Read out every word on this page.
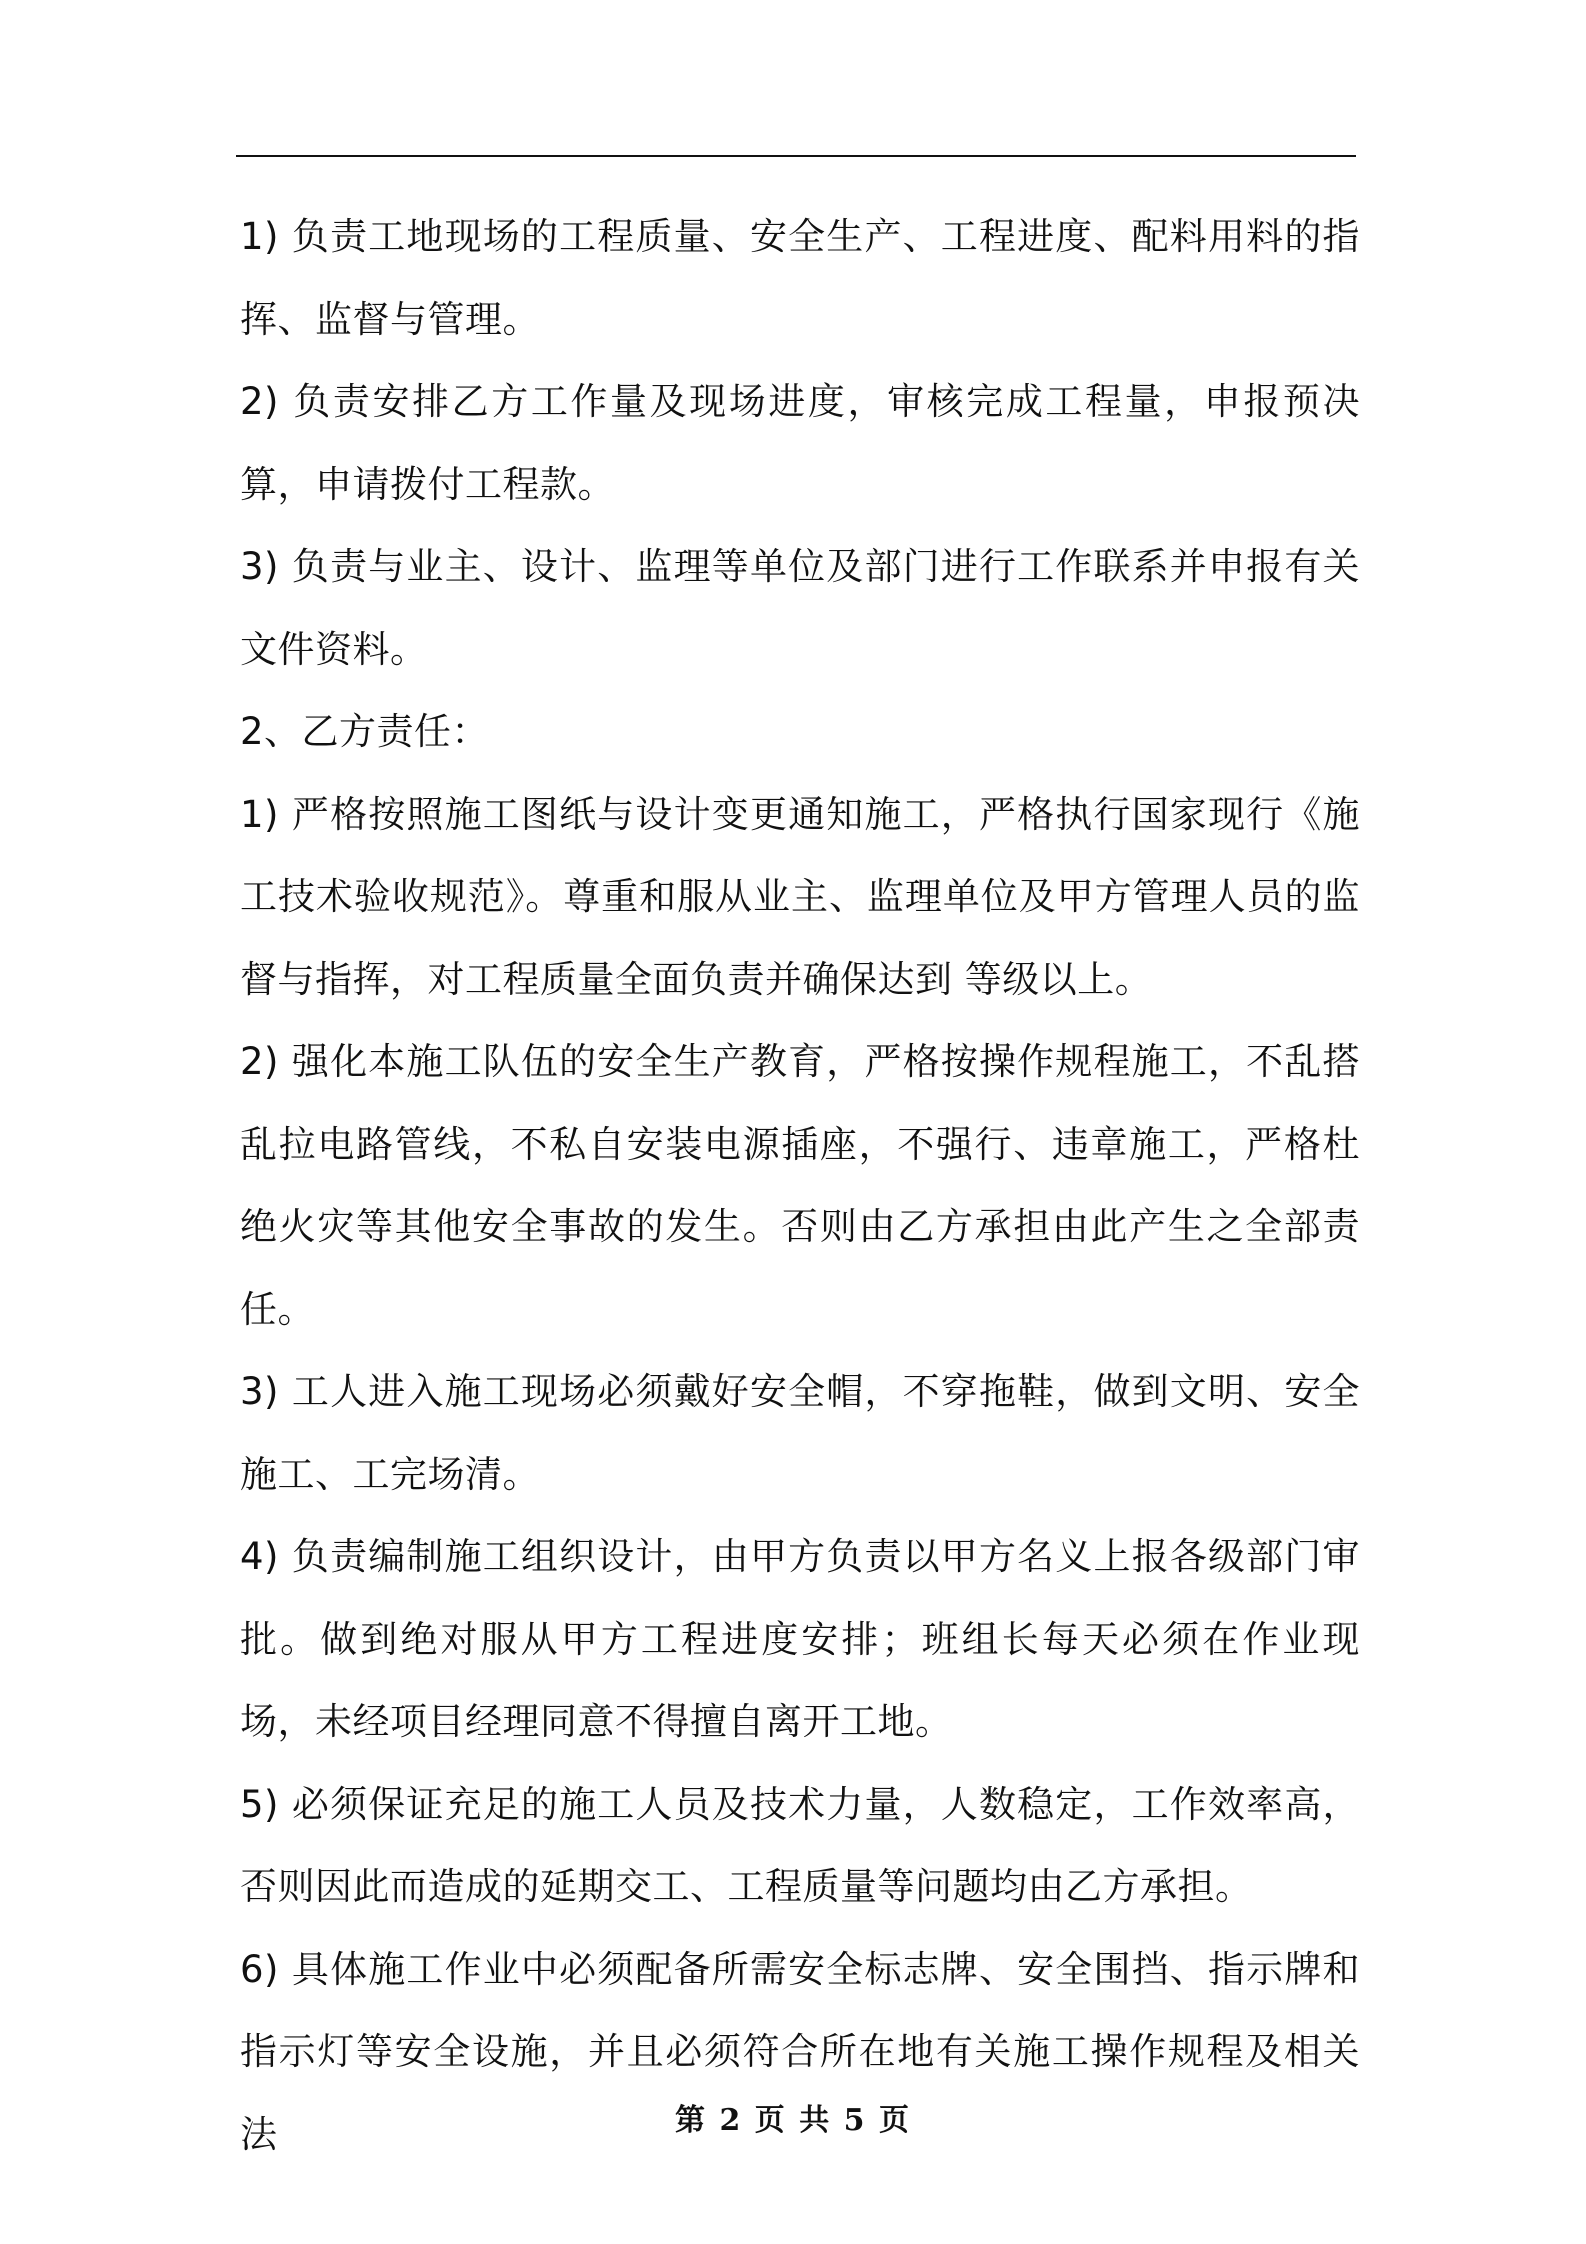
1) 负责工地现场的工程质量、安全生产、工程进度、配料用料的指挥、监督与管理。

2) 负责安排乙方工作量及现场进度，审核完成工程量，申报预决算，申请拨付工程款。

3) 负责与业主、设计、监理等单位及部门进行工作联系并申报有关文件资料。

2、乙方责任：

1) 严格按照施工图纸与设计变更通知施工，严格执行国家现行《施工技术验收规范》。尊重和服从业主、监理单位及甲方管理人员的监督与指挥，对工程质量全面负责并确保达到 等级以上。

2) 强化本施工队伍的安全生产教育，严格按操作规程施工，不乱搭乱拉电路管线，不私自安装电源插座，不强行、违章施工，严格杜绝火灾等其他安全事故的发生。否则由乙方承担由此产生之全部责任。

3) 工人进入施工现场必须戴好安全帽，不穿拖鞋，做到文明、安全施工、工完场清。

4) 负责编制施工组织设计，由甲方负责以甲方名义上报各级部门审批。做到绝对服从甲方工程进度安排；班组长每天必须在作业现场，未经项目经理同意不得擅自离开工地。

5) 必须保证充足的施工人员及技术力量，人数稳定，工作效率高，否则因此而造成的延期交工、工程质量等问题均由乙方承担。

6) 具体施工作业中必须配备所需安全标志牌、安全围挡、指示牌和指示灯等安全设施，并且必须符合所在地有关施工操作规程及相关法	第 2 页 共 5 页
